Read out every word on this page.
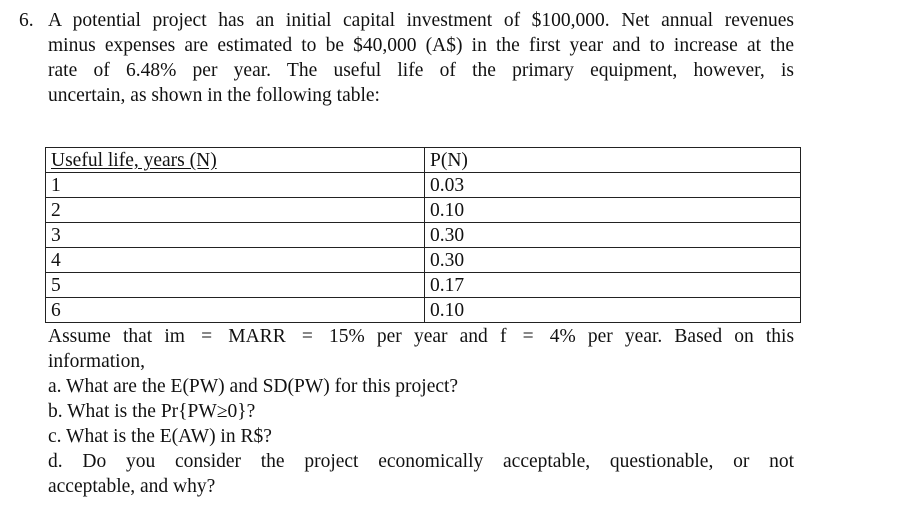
6. A potential project has an initial capital investment of $100,000. Net annual revenues
minus expenses are estimated to be $40,000 (A$) in the first year and to increase at the
rate of 6.48% per year. The useful life of the primary equipment, however, is
uncertain, as shown in the following table:
Useful life, years (N)	P(N)
1	0.03
2	0.10
3	0.30
4	0.30
5	0.17
6	0.10
Assume that im = MARR = 15% per year and f = 4% per year. Based on this
information,
a. What are the E(PW) and SD(PW) for this project?
b. What is the Pr{PW≥0}?
c. What is the E(AW) in R$?
d. Do you consider the project economically acceptable, questionable, or not
acceptable, and why?
